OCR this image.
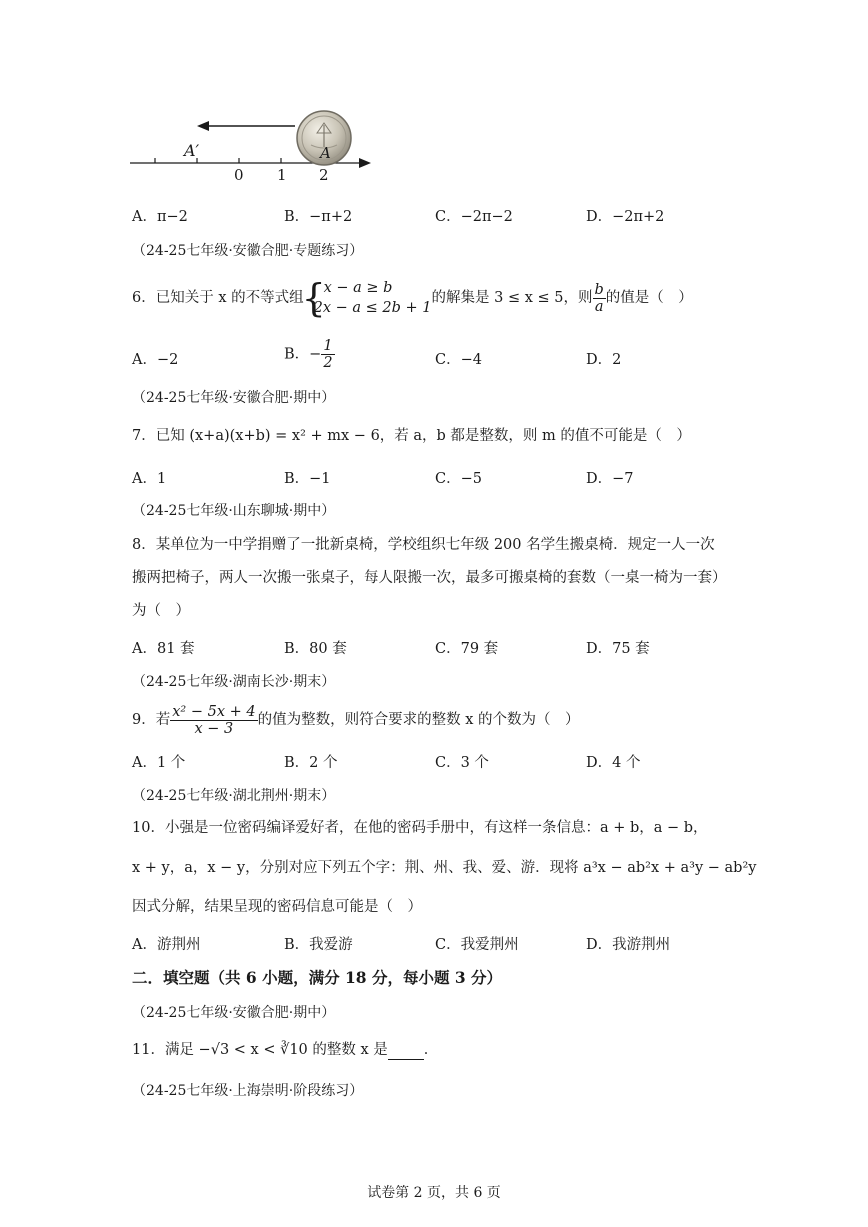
A′	A
0 1 2
A．π−2	B．−π+2	C．−2π−2	D．−2π+2
（24-25七年级·安徽合肥·专题练习）
6．已知关于 x 的不等式组
{
x − a ≥ b
2x − a ≤ 2b + 1
的解集是 3 ≤ x ≤ 5，则 $\frac{b}{a}$ 的值是（　）
A．−2	B．− $\frac{1}{2}$	C．−4	D．2
（24-25七年级·安徽合肥·期中）
7．已知 (x+a)(x+b) = x² + mx − 6，若 a，b 都是整数，则 m 的值不可能是（　）
A．1	B．−1	C．−5	D．−7
（24-25七年级·山东聊城·期中）
8．某单位为一中学捐赠了一批新桌椅，学校组织七年级 200 名学生搬桌椅．规定一人一次
搬两把椅子，两人一次搬一张桌子，每人限搬一次，最多可搬桌椅的套数（一桌一椅为一套）
为（　）
A．81 套	B．80 套	C．79 套	D．75 套
（24-25七年级·湖南长沙·期末）
9．若 $\frac{\text{x² − 5x + 4}}{x - 3}$ 的值为整数，则符合要求的整数 x 的个数为（　）
A．1 个	B．2 个	C．3 个	D．4 个
（24-25七年级·湖北荆州·期末）
10．小强是一位密码编译爱好者，在他的密码手册中，有这样一条信息：a + b，a − b，
x + y，a，x − y，分别对应下列五个字：荆、州、我、爱、游．现将 a³x − ab²x + a³y − ab²y
因式分解，结果呈现的密码信息可能是（　）
A．游荆州	B．我爱游	C．我爱荆州	D．我游荆州
二．填空题（共 6 小题，满分 18 分，每小题 3 分）
（24-25七年级·安徽合肥·期中）
11．满足 −√3 < x < ∛10 的整数 x 是 ．
（24-25七年级·上海崇明·阶段练习）
试卷第 2 页，共 6 页
